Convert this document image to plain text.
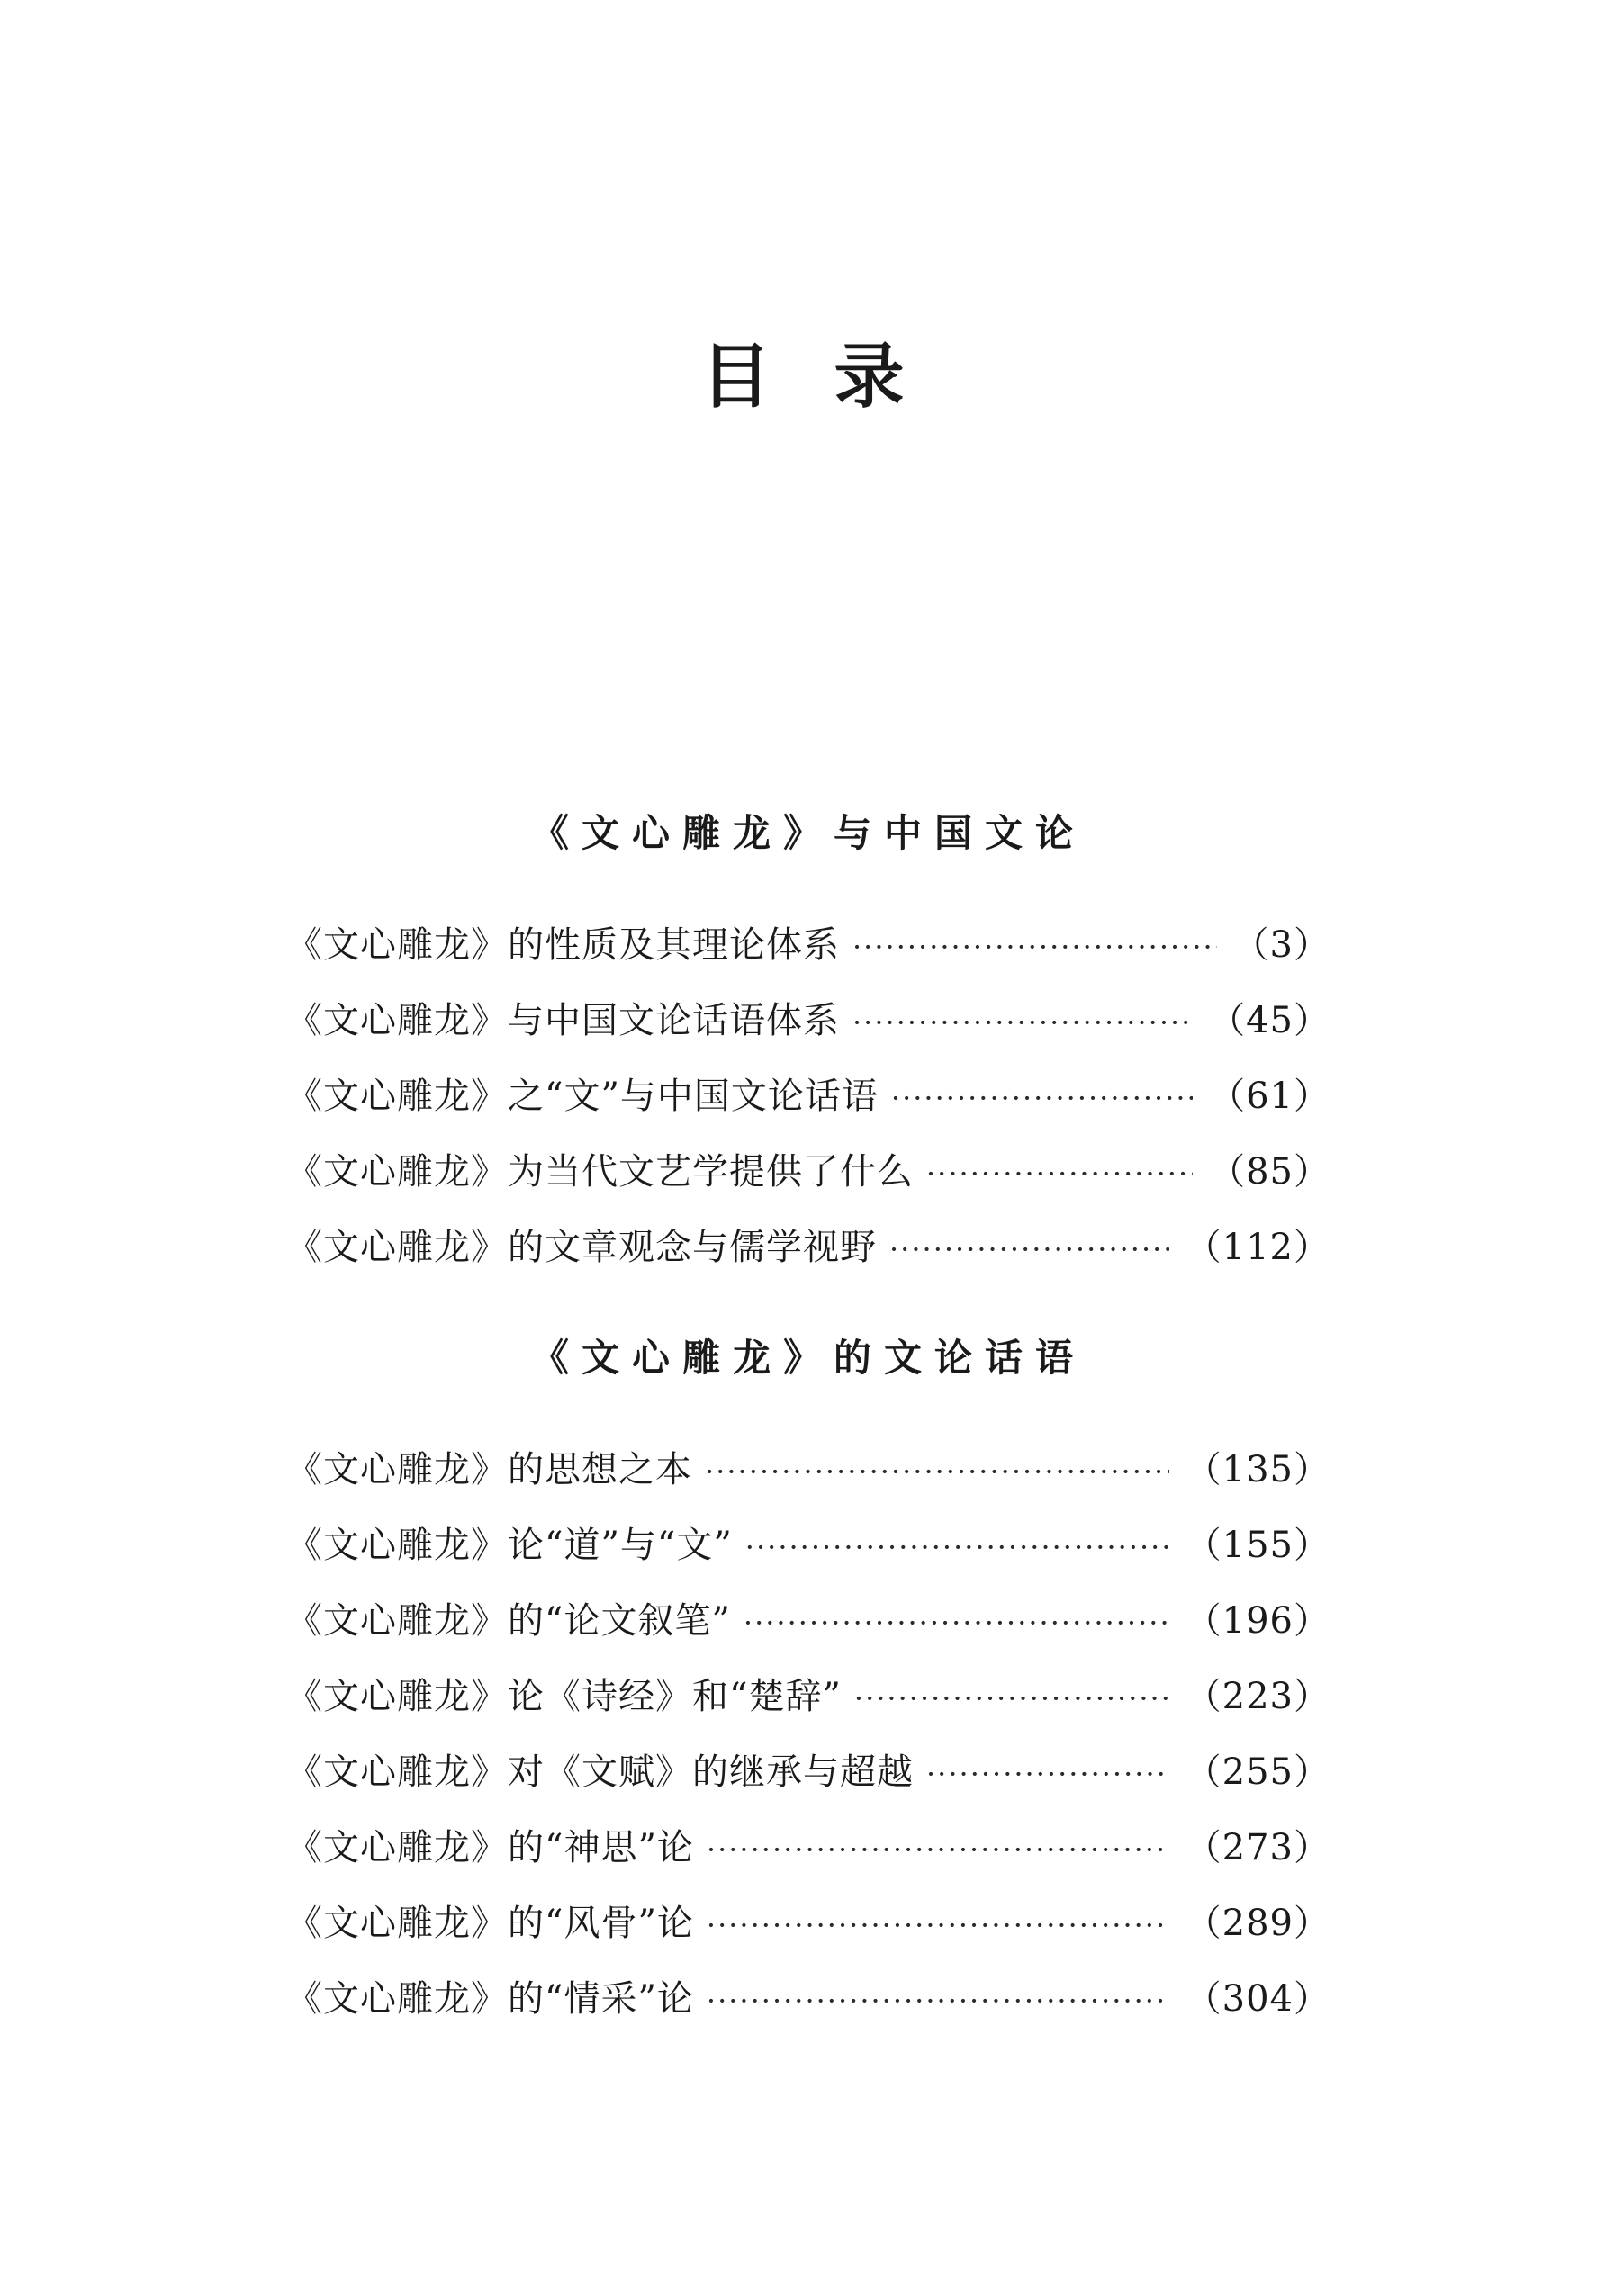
目录
《文心雕龙》与中国文论
《文心雕龙》的性质及其理论体系 ·····	（3）
《文心雕龙》与中国文论话语体系 ·····	（45）
《文心雕龙》之“文”与中国文论话语 ·····	（61）
《文心雕龙》为当代文艺学提供了什么 ·····	（85）
《文心雕龙》的文章观念与儒学视野 ·····	（112）
《文心雕龙》的文论话语
《文心雕龙》的思想之本 ·····	（135）
《文心雕龙》论“道”与“文” ·····	（155）
《文心雕龙》的“论文叙笔” ·····	（196）
《文心雕龙》论《诗经》和“楚辞” ·····	（223）
《文心雕龙》对《文赋》的继承与超越 ·····	（255）
《文心雕龙》的“神思”论 ·····	（273）
《文心雕龙》的“风骨”论 ·····	（289）
《文心雕龙》的“情采”论 ·····	（304）
